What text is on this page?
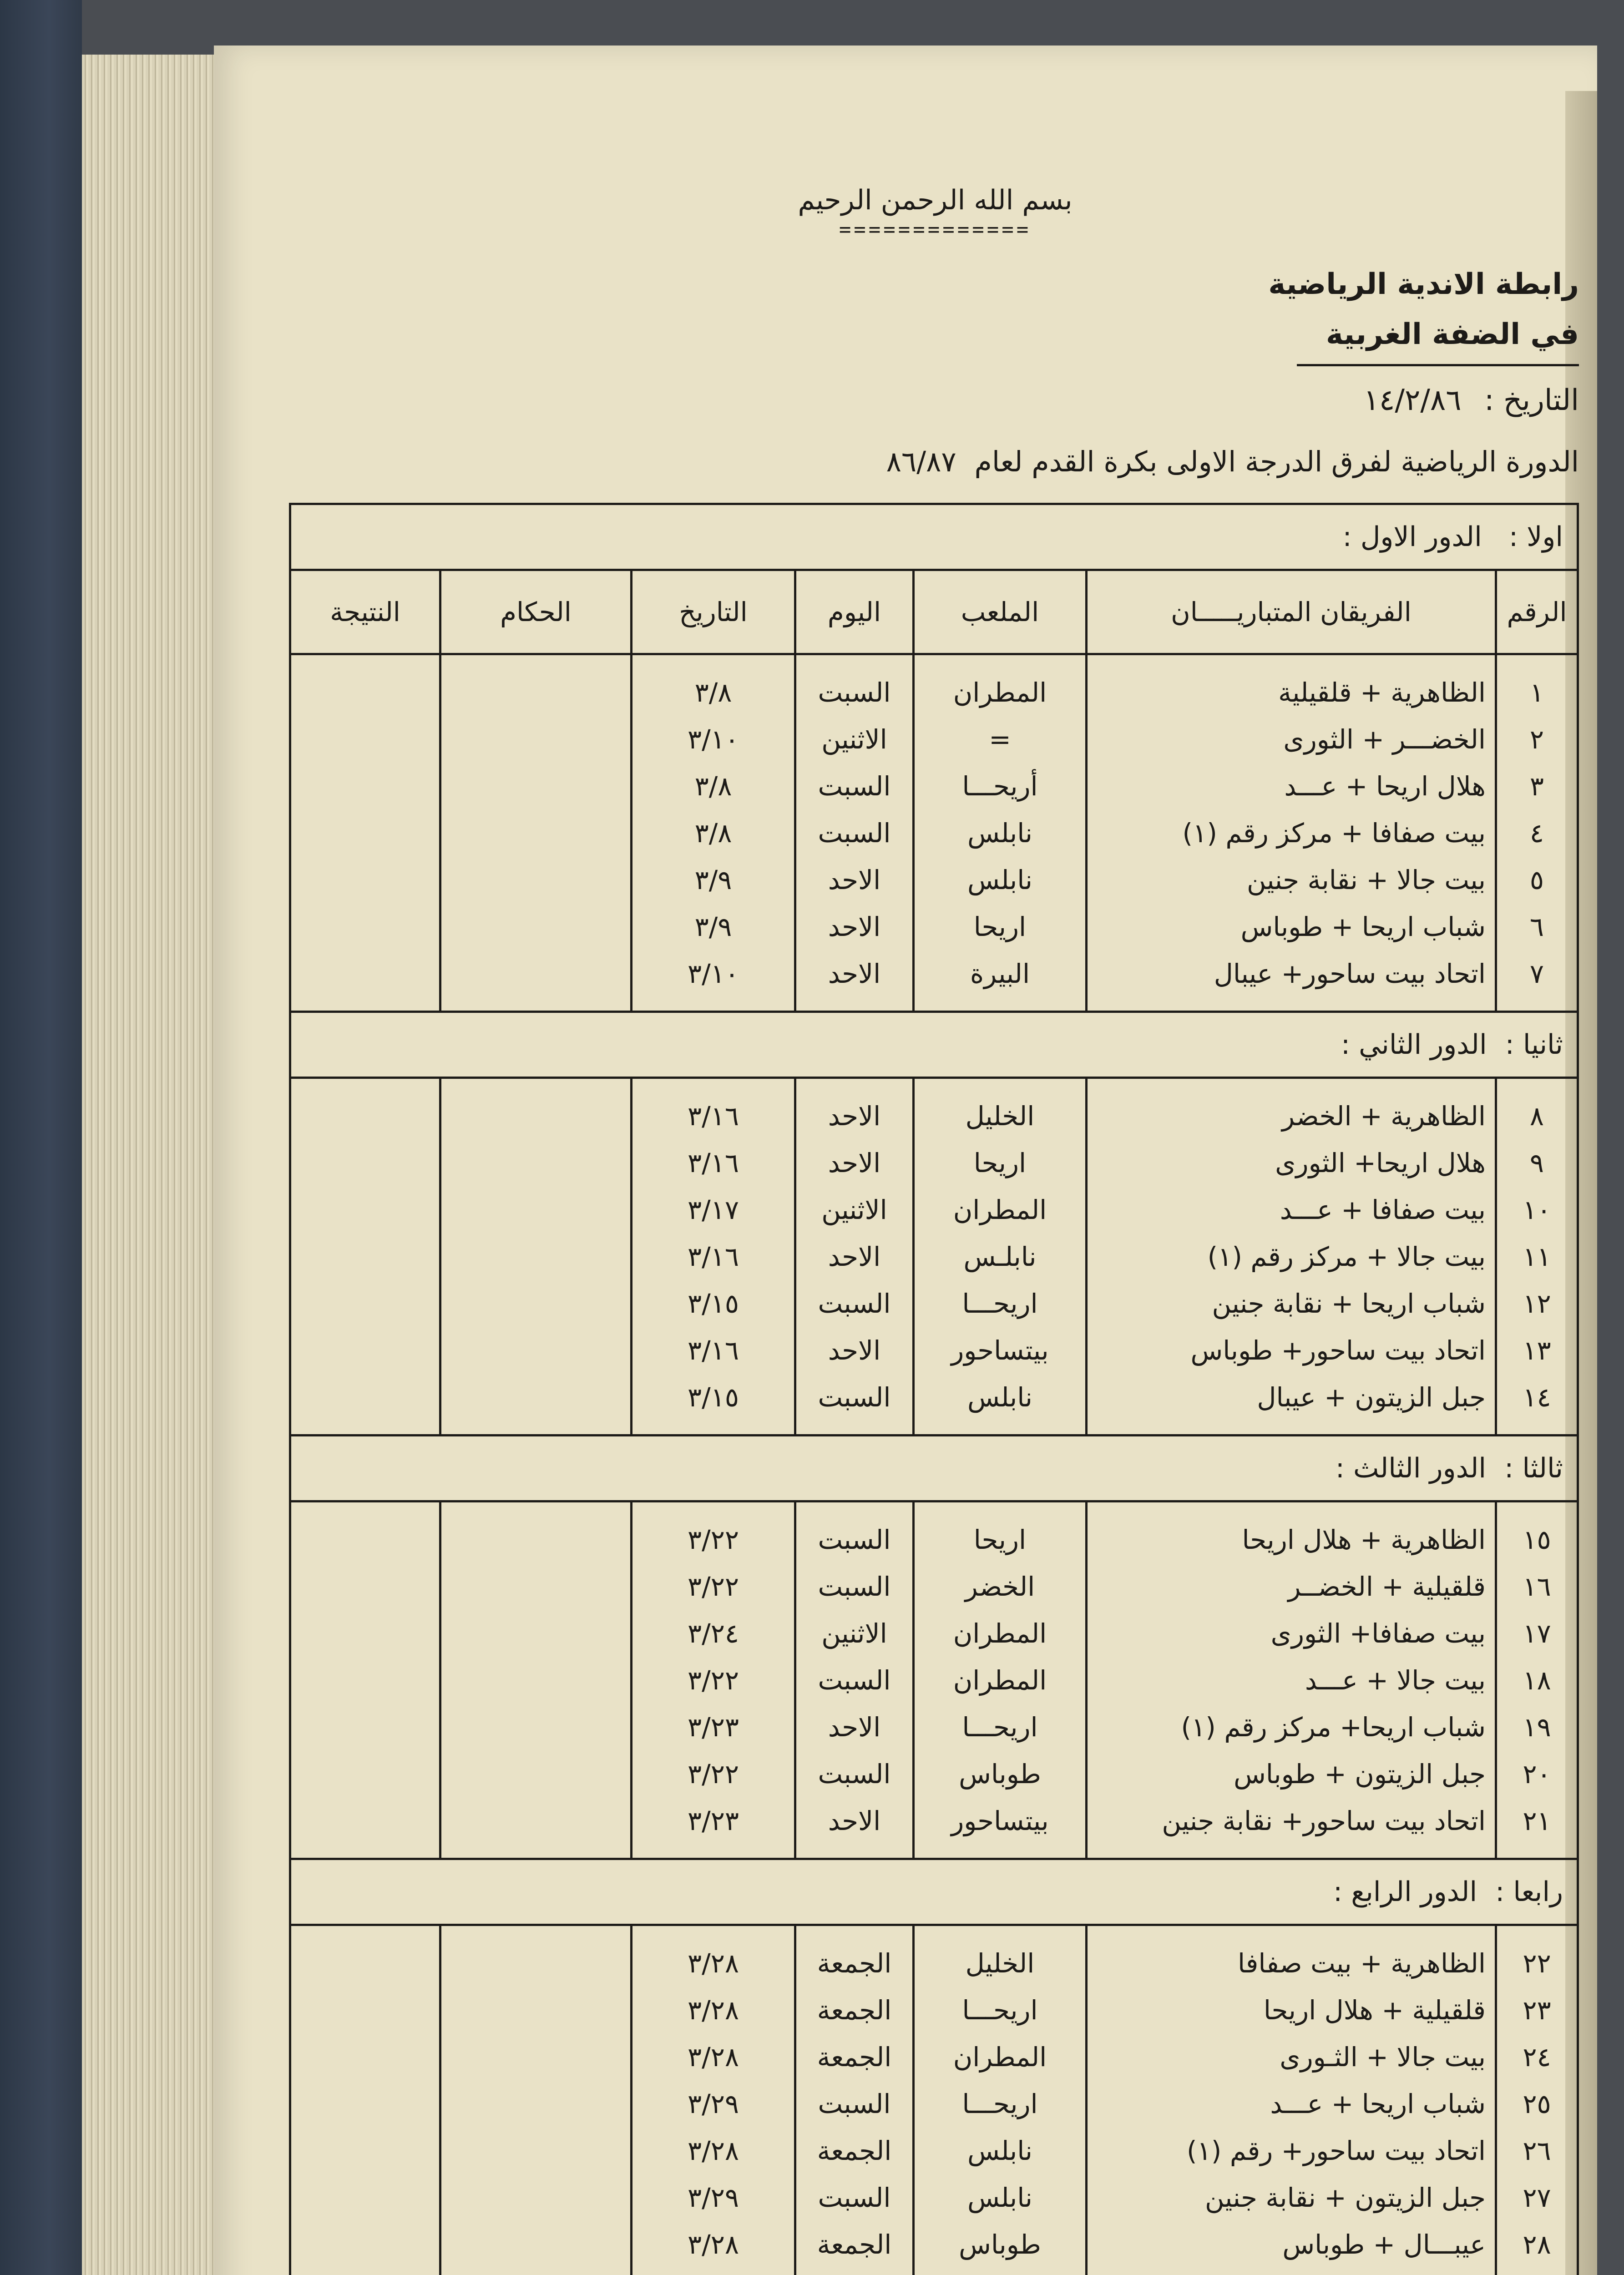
بسم الله الرحمن الرحيم
=============
رابطة الاندية الرياضية
في الضفة الغربية
التاريخ : ١٤/٢/٨٦
الدورة الرياضية لفرق الدرجة الاولى بكرة القدم لعام ٨٦/٨٧
اولا : الدور الاول :						
الرقم	الفريقان المتباريـــــان	الملعب	اليوم	التاريخ	الحكام	النتيجة

١	الظاهرية + قلقيلية	المطران	السبت	٣/٨		
٢	الخضـــر + الثورى	=	الاثنين	٣/١٠		
٣	هلال اريحا + عـــد	أريحـــا	السبت	٣/٨		
٤	بيت صفافا + مركز رقم (١)	نابلس	السبت	٣/٨		
٥	بيت جالا + نقابة جنين	نابلس	الاحد	٣/٩		
٦	شباب اريحا + طوباس	اريحا	الاحد	٣/٩		
٧	اتحاد بيت ساحور+ عيبال	البيرة	الاحد	٣/١٠		

ثانيا :الدور الثاني :						

٨	الظاهرية + الخضر	الخليل	الاحد	٣/١٦		
٩	هلال اريحا+ الثورى	اريحا	الاحد	٣/١٦		
١٠	بيت صفافا + عـــد	المطران	الاثنين	٣/١٧		
١١	بيت جالا + مركز رقم (١)	نابلـس	الاحد	٣/١٦		
١٢	شباب اريحا + نقابة جنين	اريحـــا	السبت	٣/١٥		
١٣	اتحاد بيت ساحور+ طوباس	بيتساحور	الاحد	٣/١٦		
١٤	جبل الزيتون + عيبال	نابلس	السبت	٣/١٥		

ثالثا :الدور الثالث :						

١٥	الظاهرية + هلال اريحا	اريحا	السبت	٣/٢٢		
١٦	قلقيلية + الخضــر	الخضر	السبت	٣/٢٢		
١٧	بيت صفافا+ الثورى	المطران	الاثنين	٣/٢٤		
١٨	بيت جالا + عـــد	المطران	السبت	٣/٢٢		
١٩	شباب اريحا+ مركز رقم (١)	اريحـــا	الاحد	٣/٢٣		
٢٠	جبل الزيتون + طوباس	طوباس	السبت	٣/٢٢		
٢١	اتحاد بيت ساحور+ نقابة جنين	بيتساحور	الاحد	٣/٢٣		

رابعا :الدور الرابع :						

٢٢	الظاهرية + بيت صفافا	الخليل	الجمعة	٣/٢٨		
٢٣	قلقيلية + هلال اريحا	اريحـــا	الجمعة	٣/٢٨		
٢٤	بيت جالا + الثـورى	المطران	الجمعة	٣/٢٨		
٢٥	شباب اريحا + عـــد	اريحـــا	السبت	٣/٢٩		
٢٦	اتحاد بيت ساحور+ رقم (١)	نابلس	الجمعة	٣/٢٨		
٢٧	جبل الزيتون + نقابة جنين	نابلس	السبت	٣/٢٩		
٢٨	عيبـــال + طوباس	طوباس	الجمعة	٣/٢٨		
